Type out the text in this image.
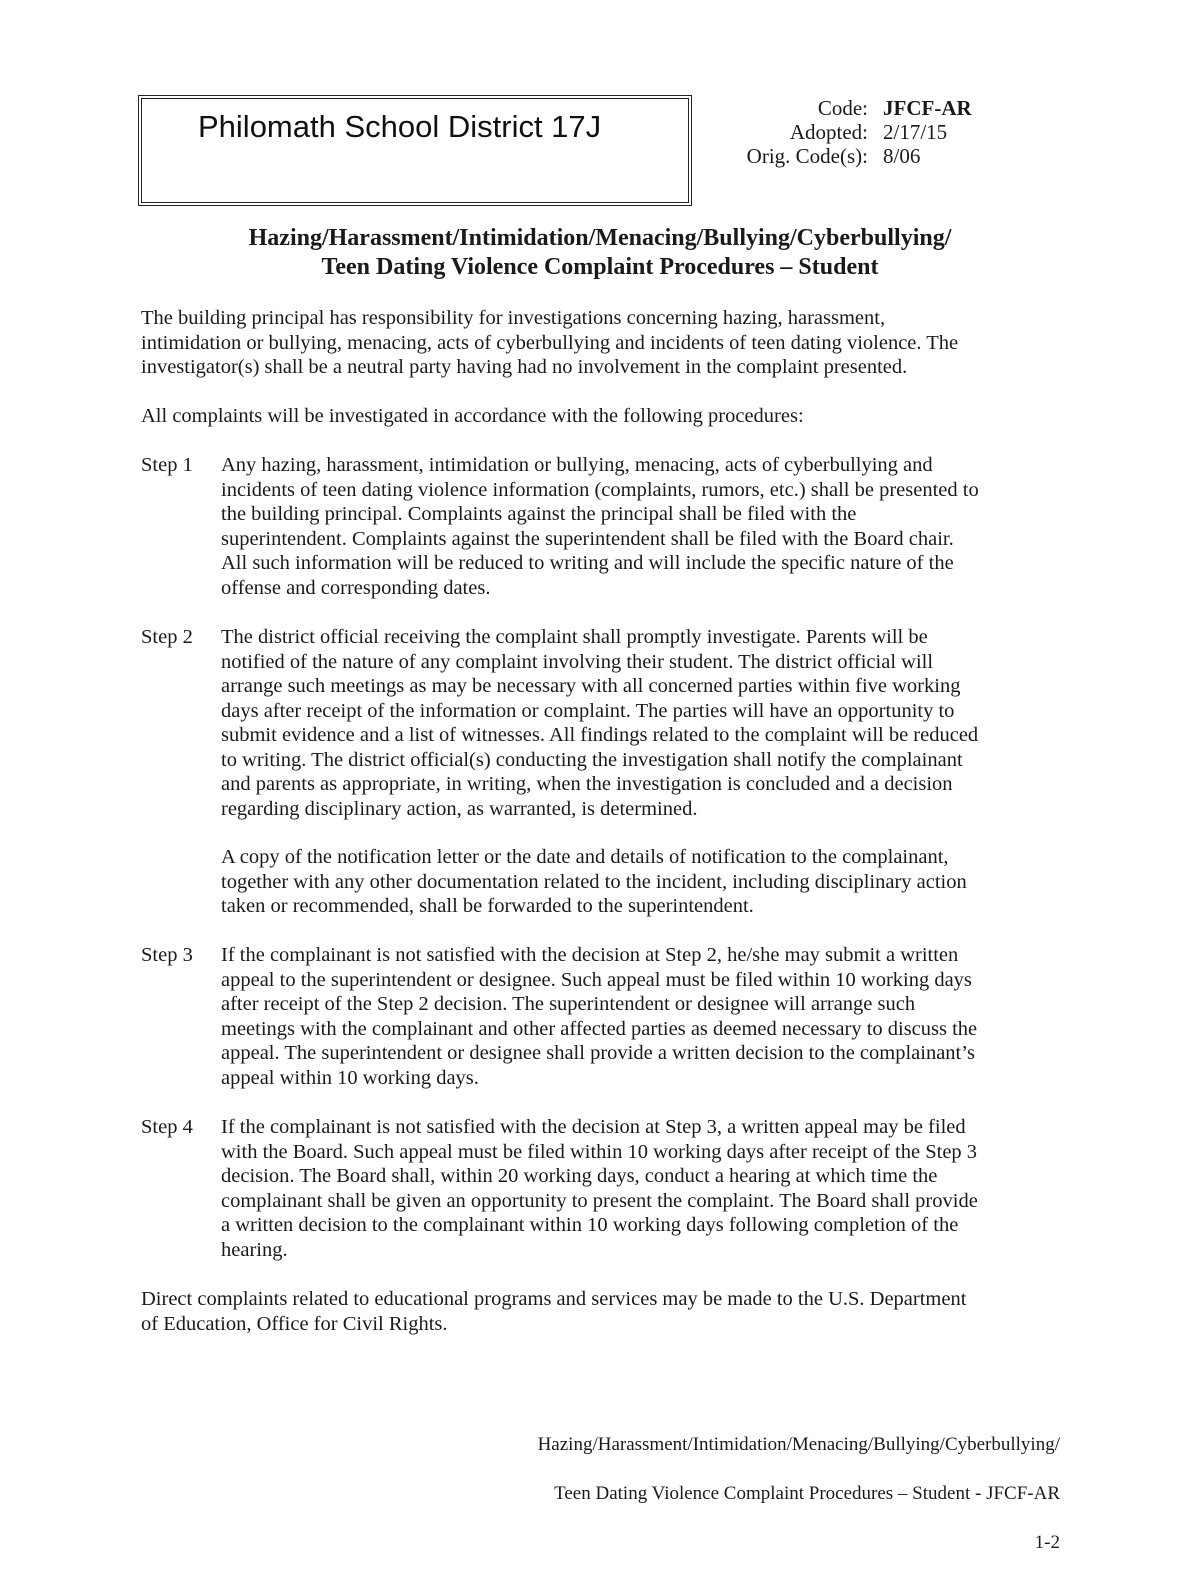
Philomath School District 17J
Code: JFCF-AR
Adopted: 2/17/15
Orig. Code(s): 8/06
Hazing/Harassment/Intimidation/Menacing/Bullying/Cyberbullying/
Teen Dating Violence Complaint Procedures – Student
The building principal has responsibility for investigations concerning hazing, harassment,
intimidation or bullying, menacing, acts of cyberbullying and incidents of teen dating violence. The
investigator(s) shall be a neutral party having had no involvement in the complaint presented.
All complaints will be investigated in accordance with the following procedures:
Step 1 Any hazing, harassment, intimidation or bullying, menacing, acts of cyberbullying and
incidents of teen dating violence information (complaints, rumors, etc.) shall be presented to
the building principal. Complaints against the principal shall be filed with the
superintendent. Complaints against the superintendent shall be filed with the Board chair.
All such information will be reduced to writing and will include the specific nature of the
offense and corresponding dates.
Step 2 The district official receiving the complaint shall promptly investigate. Parents will be
notified of the nature of any complaint involving their student. The district official will
arrange such meetings as may be necessary with all concerned parties within five working
days after receipt of the information or complaint. The parties will have an opportunity to
submit evidence and a list of witnesses. All findings related to the complaint will be reduced
to writing. The district official(s) conducting the investigation shall notify the complainant
and parents as appropriate, in writing, when the investigation is concluded and a decision
regarding disciplinary action, as warranted, is determined.
A copy of the notification letter or the date and details of notification to the complainant,
together with any other documentation related to the incident, including disciplinary action
taken or recommended, shall be forwarded to the superintendent.
Step 3 If the complainant is not satisfied with the decision at Step 2, he/she may submit a written
appeal to the superintendent or designee. Such appeal must be filed within 10 working days
after receipt of the Step 2 decision. The superintendent or designee will arrange such
meetings with the complainant and other affected parties as deemed necessary to discuss the
appeal. The superintendent or designee shall provide a written decision to the complainant’s
appeal within 10 working days.
Step 4 If the complainant is not satisfied with the decision at Step 3, a written appeal may be filed
with the Board. Such appeal must be filed within 10 working days after receipt of the Step 3
decision. The Board shall, within 20 working days, conduct a hearing at which time the
complainant shall be given an opportunity to present the complaint. The Board shall provide
a written decision to the complainant within 10 working days following completion of the
hearing.
Direct complaints related to educational programs and services may be made to the U.S. Department
of Education, Office for Civil Rights.

Hazing/Harassment/Intimidation/Menacing/Bullying/Cyberbullying/

Teen Dating Violence Complaint Procedures – Student - JFCF-AR

1-2
